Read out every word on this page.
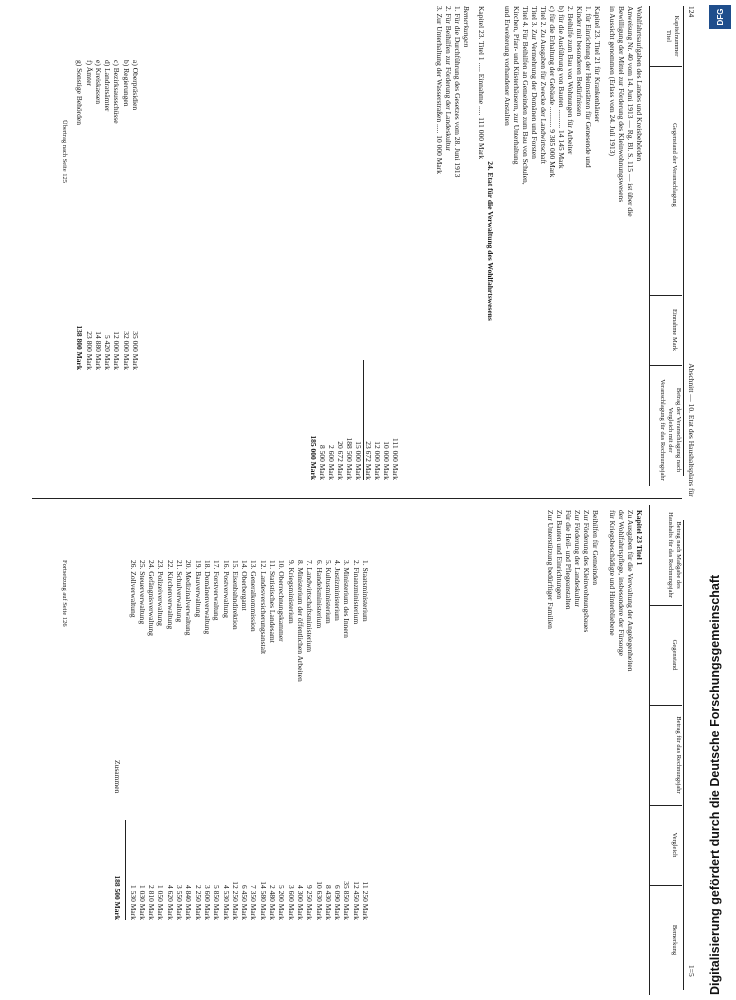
124
Abschnitt — 10. Etat des Haushaltsplans für
1=5
Kapitelnummer
Titel
Gegenstand der Veranschlagung
Einnahme Mark
Betrag der Veranschlagung nach
Vergleich mit der
Veranschlagung für das Rechnungsjahr
Wohlfahrtsaufgaben des Landes und Kreisbehörden
Anweisung Nr. 40 vom 14. Juni 1913 — Rg. Bl. S. 115 — ist über die
Bewilligung der Mittel zur Förderung des Kleinwohnungswesens
in Aussicht genommen (Erlass vom 24. Juli 1913)
Kapitel 23. Titel 21 für Krankenhäuser
1. für Einrichtung der Heimstätten für Genesende und
Kinder mit besonderen Bedürfnissen
2. Beihilfe zum Bau von Wohnungen für Arbeiter
b) für die Ausführung von Bauten .......... 14 145 Mark
c) für die Erhaltung der Gebäude ........... 9 385 000 Mark
Titel 2. Zu Ausgaben für Zwecke der Landwirtschaft
Titel 3. Zur Vermehrung der Domänen und Forsten
Titel 4. Für Beihilfen an Gemeinden zum Bau von Schulen,
Kirchen, Pfarr- und Küsterhäusern, zur Unterhaltung
und Erweiterung vorhandener Anstalten
24. Etat für die Verwaltung des Wohlfahrtswesens
Kapitel 23. Titel 1 ..... Einnahme ..... 111 000 Mark
Bemerkungen
1. Für die Durchführung des Gesetzes vom 28. Juni 1913
2. Für Beihilfen zur Förderung der Landeskultur
3. Zur Unterhaltung der Wasserstraßen ..... 10 000 Mark
111 000 Mark
10 000 Mark
12 000 Mark
23 672 Mark
15 000 Mark
188 500 Mark
20 672 Mark
2 600 Mark
8 500 Mark
185 000 Mark
a) Oberpräsidien
b) Regierungen
c) Bezirksausschüsse
d) Landratsämter
e) Kreiskassen
f) Ämter
g) Sonstige Behörden
35 000 Mark
32 000 Mark
12 000 Mark
5 420 Mark
14 880 Mark
23 800 Mark
138 800 Mark
Übertrag nach Seite 125
Betrag nach Maßgabe des Haushalts für das Rechnungsjahr
Gegenstand
Betrag für das Rechnungsjahr
Vergleich
Bemerkung
Kapitel 23 Titel 1
Zu Ausgaben für die Verwaltung der Angelegenheiten
der Wohlfahrtspflege, insbesondere der Fürsorge
für Kriegsbeschädigte und Hinterbliebene
Beihilfen für Gemeinden
Zur Förderung des Kleinwohnungsbaues
Zur Förderung der Landeskultur
Für die Heil- und Pflegeanstalten
Zu Bauten und Einrichtungen
Zur Unterstützung bedürftiger Familien
1. Staatsministerium
2. Finanzministerium
3. Ministerium des Innern
4. Justizministerium
5. Kultusministerium
6. Handelsministerium
7. Landwirtschaftsministerium
8. Ministerium der öffentlichen Arbeiten
9. Kriegsministerium
10. Oberrechnungskammer
11. Statistisches Landesamt
12. Landesversicherungsanstalt
13. Generalkommission
14. Oberbergamt
15. Eisenbahndirektion
16. Postverwaltung
17. Forstverwaltung
18. Domänenverwaltung
19. Bauverwaltung
20. Medizinalverwaltung
21. Schulverwaltung
22. Kirchenverwaltung
23. Polizeiverwaltung
24. Gefängnisverwaltung
25. Steuerverwaltung
26. Zollverwaltung
11 250 Mark
12 450 Mark
35 850 Mark
6 090 Mark
8 430 Mark
10 630 Mark
9 250 Mark
4 300 Mark
3 600 Mark
5 200 Mark
2 480 Mark
14 580 Mark
7 350 Mark
6 450 Mark
12 250 Mark
4 530 Mark
5 850 Mark
3 600 Mark
2 250 Mark
4 840 Mark
3 550 Mark
4 620 Mark
1 050 Mark
2 810 Mark
1 030 Mark
1 530 Mark
Zusammen
188 500 Mark
Fortsetzung auf Seite 126
DFG
Digitalisierung gefördert durch die Deutsche Forschungsgemeinschaft
